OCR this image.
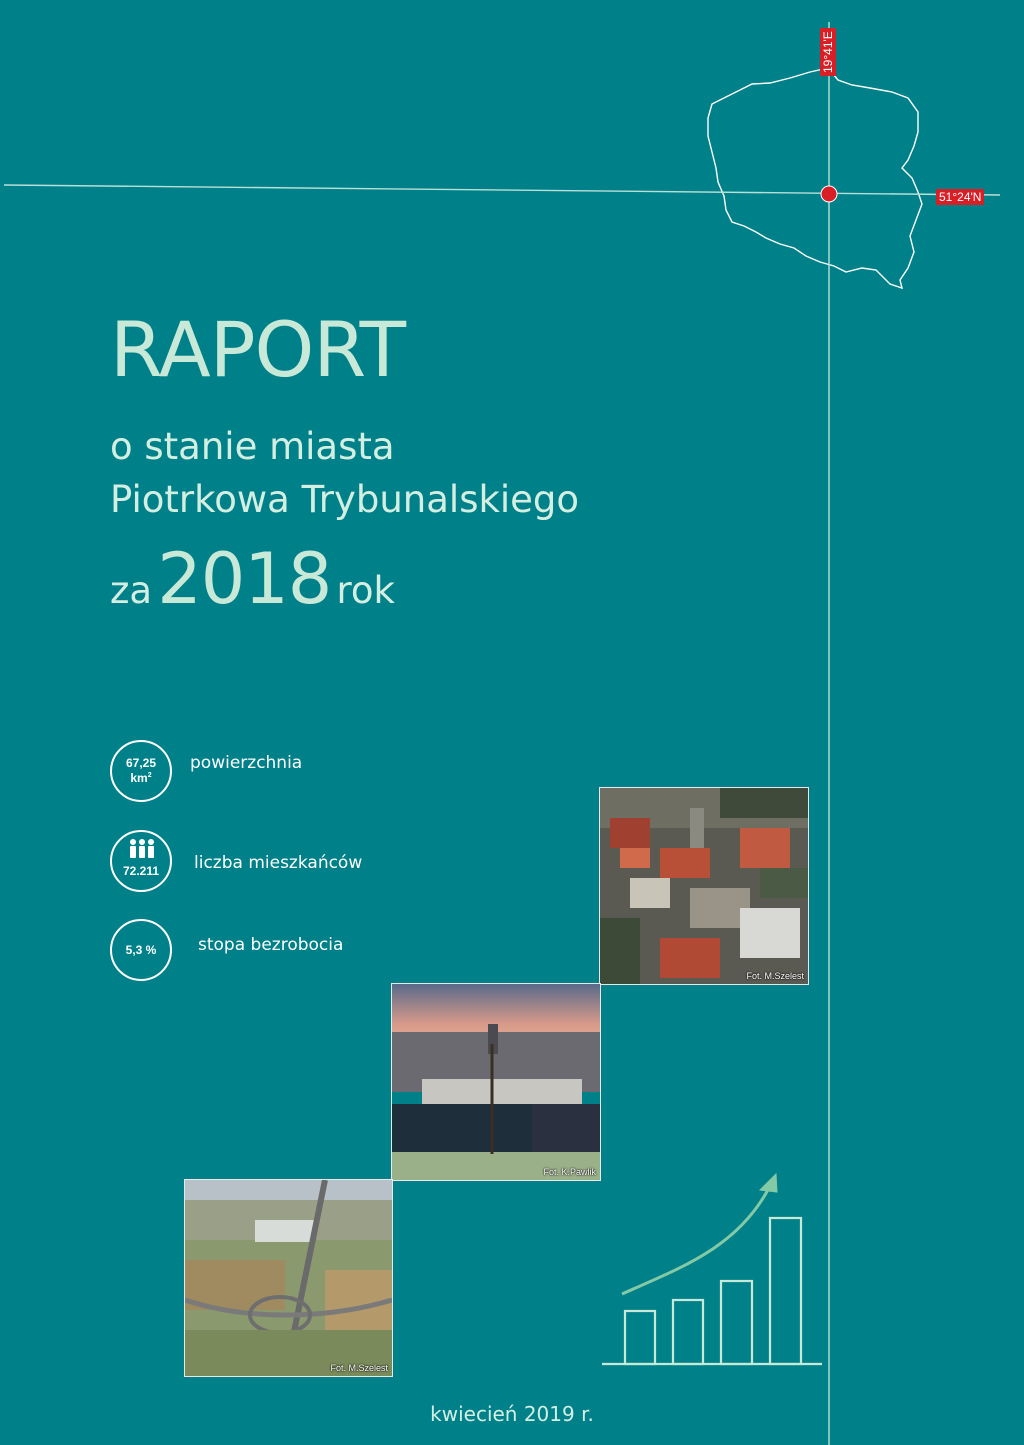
19°41'E
51°24'N
RAPORT
o stanie miasta
Piotrkowa Trybunalskiego
za 2018 rok
67,25
$km^2$
powierzchnia
72.211	liczba mieszkańców
5,3 %	stopa bezrobocia
Fot. M.Szelest
Fot. K.Pawlik
Fot. M.Szelest
kwiecień 2019 r.
